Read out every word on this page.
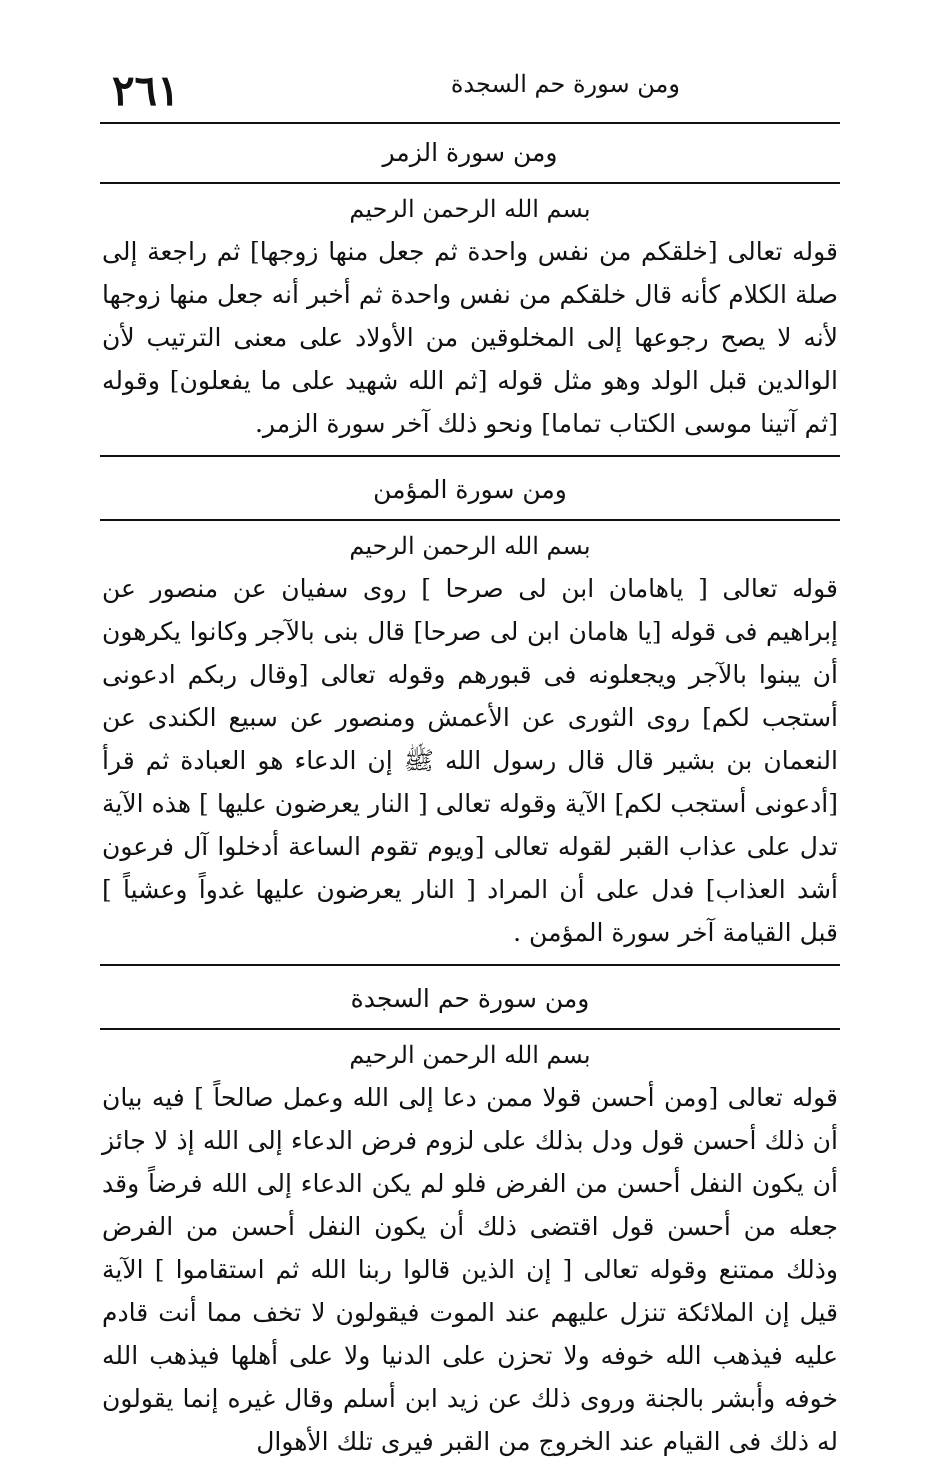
٢٦١	ومن سورة حم السجدة
ومن سورة الزمر
بسم الله الرحمن الرحيم

قوله تعالى [خلقكم من نفس واحدة ثم جعل منها زوجها] ثم راجعة إلى صلة الكلام كأنه قال خلقكم من نفس واحدة ثم أخبر أنه جعل منها زوجها لأنه لا يصح رجوعها إلى المخلوقين من الأولاد على معنى الترتيب لأن الوالدين قبل الولد وهو مثل قوله [ثم الله شهيد على ما يفعلون] وقوله [ثم آتينا موسى الكتاب تماما] ونحو ذلك آخر سورة الزمر.

ومن سورة المؤمن
بسم الله الرحمن الرحيم

قوله تعالى [ ياهامان ابن لى صرحا ] روى سفيان عن منصور عن إبراهيم فى قوله [يا هامان ابن لى صرحا] قال بنى بالآجر وكانوا يكرهون أن يبنوا بالآجر ويجعلونه فى قبورهم وقوله تعالى [وقال ربكم ادعونى أستجب لكم] روى الثورى عن الأعمش ومنصور عن سبيع الكندى عن النعمان بن بشير قال قال رسول الله ﷺ إن الدعاء هو العبادة ثم قرأ [أدعونى أستجب لكم] الآية وقوله تعالى [ النار يعرضون عليها ] هذه الآية تدل على عذاب القبر لقوله تعالى [ويوم تقوم الساعة أدخلوا آل فرعون أشد العذاب] فدل على أن المراد [ النار يعرضون عليها غدواً وعشياً ] قبل القيامة آخر سورة المؤمن .

ومن سورة حم السجدة
بسم الله الرحمن الرحيم

قوله تعالى [ومن أحسن قولا ممن دعا إلى الله وعمل صالحاً ] فيه بيان أن ذلك أحسن قول ودل بذلك على لزوم فرض الدعاء إلى الله إذ لا جائز أن يكون النفل أحسن من الفرض فلو لم يكن الدعاء إلى الله فرضاً وقد جعله من أحسن قول اقتضى ذلك أن يكون النفل أحسن من الفرض وذلك ممتنع وقوله تعالى [ إن الذين قالوا ربنا الله ثم استقاموا ] الآية قيل إن الملائكة تنزل عليهم عند الموت فيقولون لا تخف مما أنت قادم عليه فيذهب الله خوفه ولا تحزن على الدنيا ولا على أهلها فيذهب الله خوفه وأبشر بالجنة وروى ذلك عن زيد ابن أسلم وقال غيره إنما يقولون له ذلك فى القيام عند الخروج من القبر فيرى تلك الأهوال
